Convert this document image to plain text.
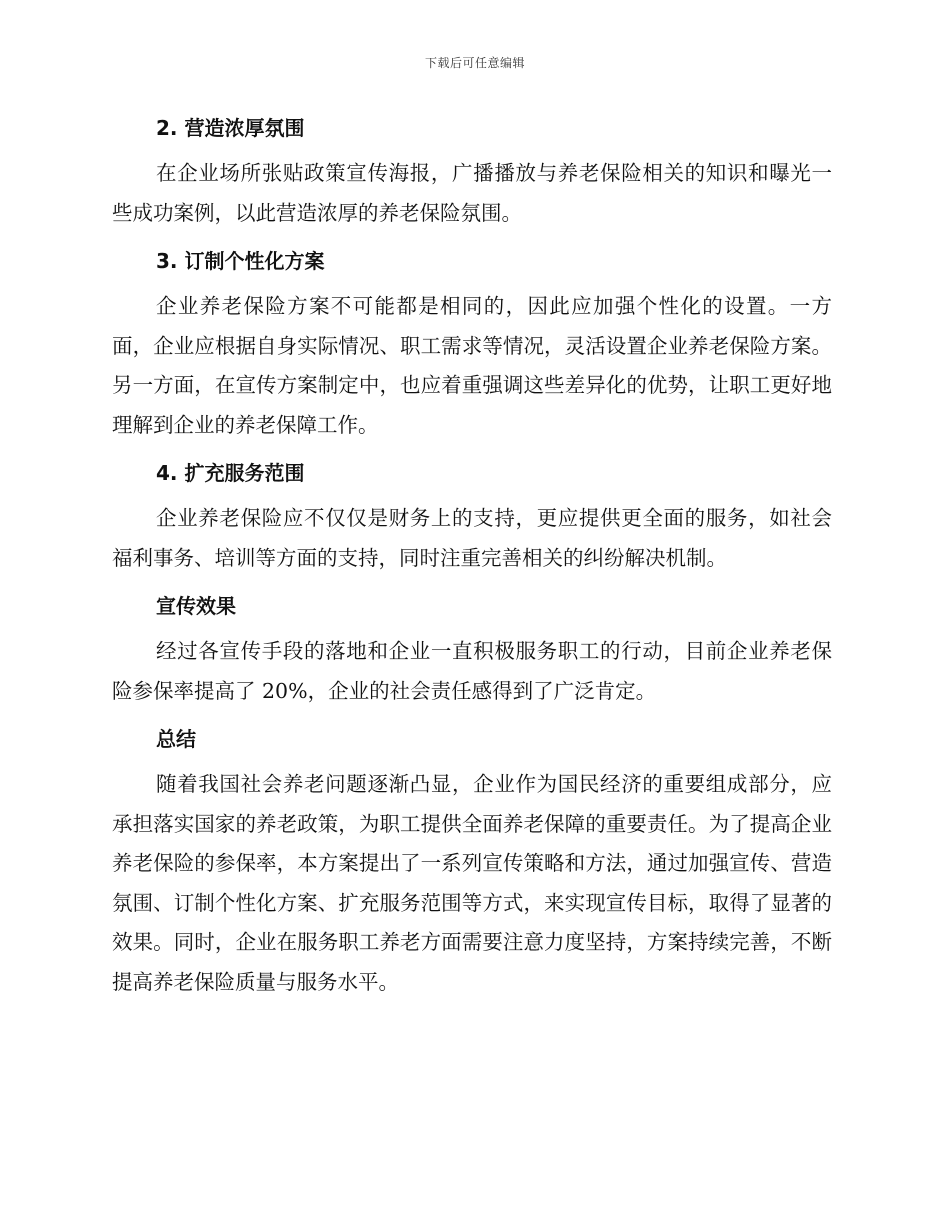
下载后可任意编辑
2. 营造浓厚氛围

在企业场所张贴政策宣传海报，广播播放与养老保险相关的知识和曝光一些成功案例，以此营造浓厚的养老保险氛围。

3. 订制个性化方案

企业养老保险方案不可能都是相同的，因此应加强个性化的设置。一方面，企业应根据自身实际情况、职工需求等情况，灵活设置企业养老保险方案。另一方面，在宣传方案制定中，也应着重强调这些差异化的优势，让职工更好地理解到企业的养老保障工作。

4. 扩充服务范围

企业养老保险应不仅仅是财务上的支持，更应提供更全面的服务，如社会福利事务、培训等方面的支持，同时注重完善相关的纠纷解决机制。

宣传效果

经过各宣传手段的落地和企业一直积极服务职工的行动，目前企业养老保险参保率提高了 20%，企业的社会责任感得到了广泛肯定。

总结

随着我国社会养老问题逐渐凸显，企业作为国民经济的重要组成部分，应承担落实国家的养老政策，为职工提供全面养老保障的重要责任。为了提高企业养老保险的参保率，本方案提出了一系列宣传策略和方法，通过加强宣传、营造氛围、订制个性化方案、扩充服务范围等方式，来实现宣传目标，取得了显著的效果。同时，企业在服务职工养老方面需要注意力度坚持，方案持续完善，不断提高养老保险质量与服务水平。
